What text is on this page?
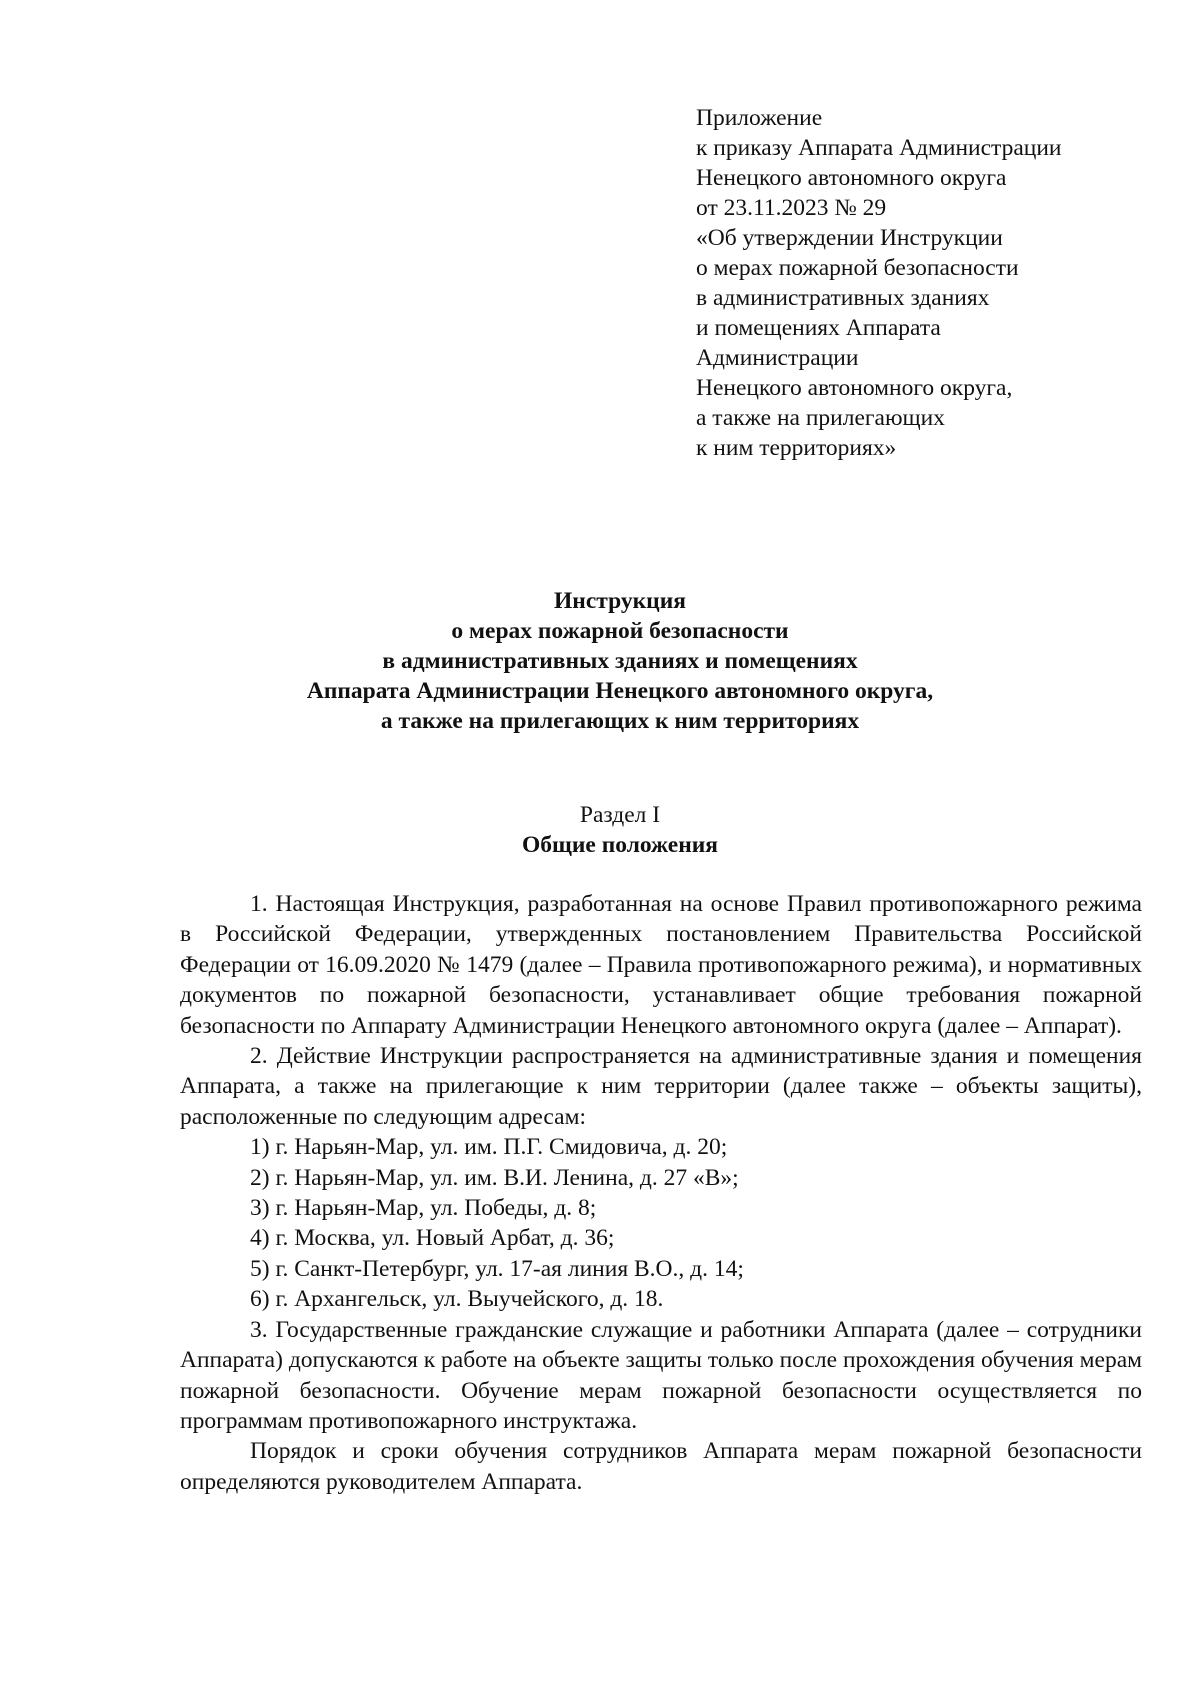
Приложение
к приказу Аппарата Администрации
Ненецкого автономного округа
от 23.11.2023 № 29
«Об утверждении Инструкции
о мерах пожарной безопасности
в административных зданиях
и помещениях Аппарата
Администрации
Ненецкого автономного округа,
а также на прилегающих
к ним территориях»
Инструкция
о мерах пожарной безопасности
в административных зданиях и помещениях
Аппарата Администрации Ненецкого автономного округа,
а также на прилегающих к ним территориях
Раздел I
Общие положения

1. Настоящая Инструкция, разработанная на основе Правил противопожарного режима в Российской Федерации, утвержденных постановлением Правительства Российской Федерации от 16.09.2020 № 1479 (далее – Правила противопожарного режима), и нормативных документов по пожарной безопасности, устанавливает общие требования пожарной безопасности по Аппарату Администрации Ненецкого автономного округа (далее – Аппарат).

2. Действие Инструкции распространяется на административные здания и помещения Аппарата, а также на прилегающие к ним территории (далее также – объекты защиты), расположенные по следующим адресам:

1) г. Нарьян-Мар, ул. им. П.Г. Смидовича, д. 20;

2) г. Нарьян-Мар, ул. им. В.И. Ленина, д. 27 «В»;

3) г. Нарьян-Мар, ул. Победы, д. 8;

4) г. Москва, ул. Новый Арбат, д. 36;

5) г. Санкт-Петербург, ул. 17-ая линия В.О., д. 14;

6) г. Архангельск, ул. Выучейского, д. 18.

3. Государственные гражданские служащие и работники Аппарата (далее – сотрудники Аппарата) допускаются к работе на объекте защиты только после прохождения обучения мерам пожарной безопасности. Обучение мерам пожарной безопасности осуществляется по программам противопожарного инструктажа.

Порядок и сроки обучения сотрудников Аппарата мерам пожарной безопасности определяются руководителем Аппарата.
